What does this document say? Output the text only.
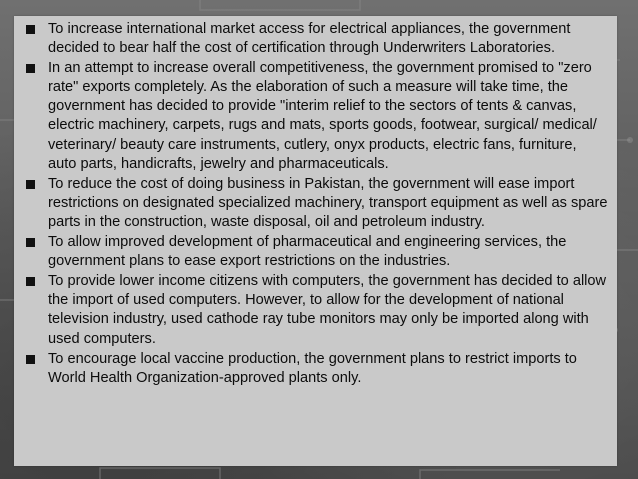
To increase international market access for electrical appliances, the government decided to bear half the cost of certification through Underwriters Laboratories.
In an attempt to increase overall competitiveness, the government promised to "zero rate" exports completely. As the elaboration of such a measure will take time, the government has decided to provide "interim relief to the sectors of tents & canvas, electric machinery, carpets, rugs and mats, sports goods, footwear, surgical/ medical/ veterinary/ beauty care instruments, cutlery, onyx products, electric fans, furniture, auto parts, handicrafts, jewelry and pharmaceuticals.
To reduce the cost of doing business in Pakistan, the government will ease import restrictions on designated specialized machinery, transport equipment as well as spare parts in the construction, waste disposal, oil and petroleum industry.
To allow improved development of pharmaceutical and engineering services, the government plans to ease export restrictions on the industries.
To provide lower income citizens with computers, the government has decided to allow the import of used computers. However, to allow for the development of national television industry, used cathode ray tube monitors may only be imported along with used computers.
To encourage local vaccine production, the government plans to restrict imports to World Health Organization-approved plants only.
